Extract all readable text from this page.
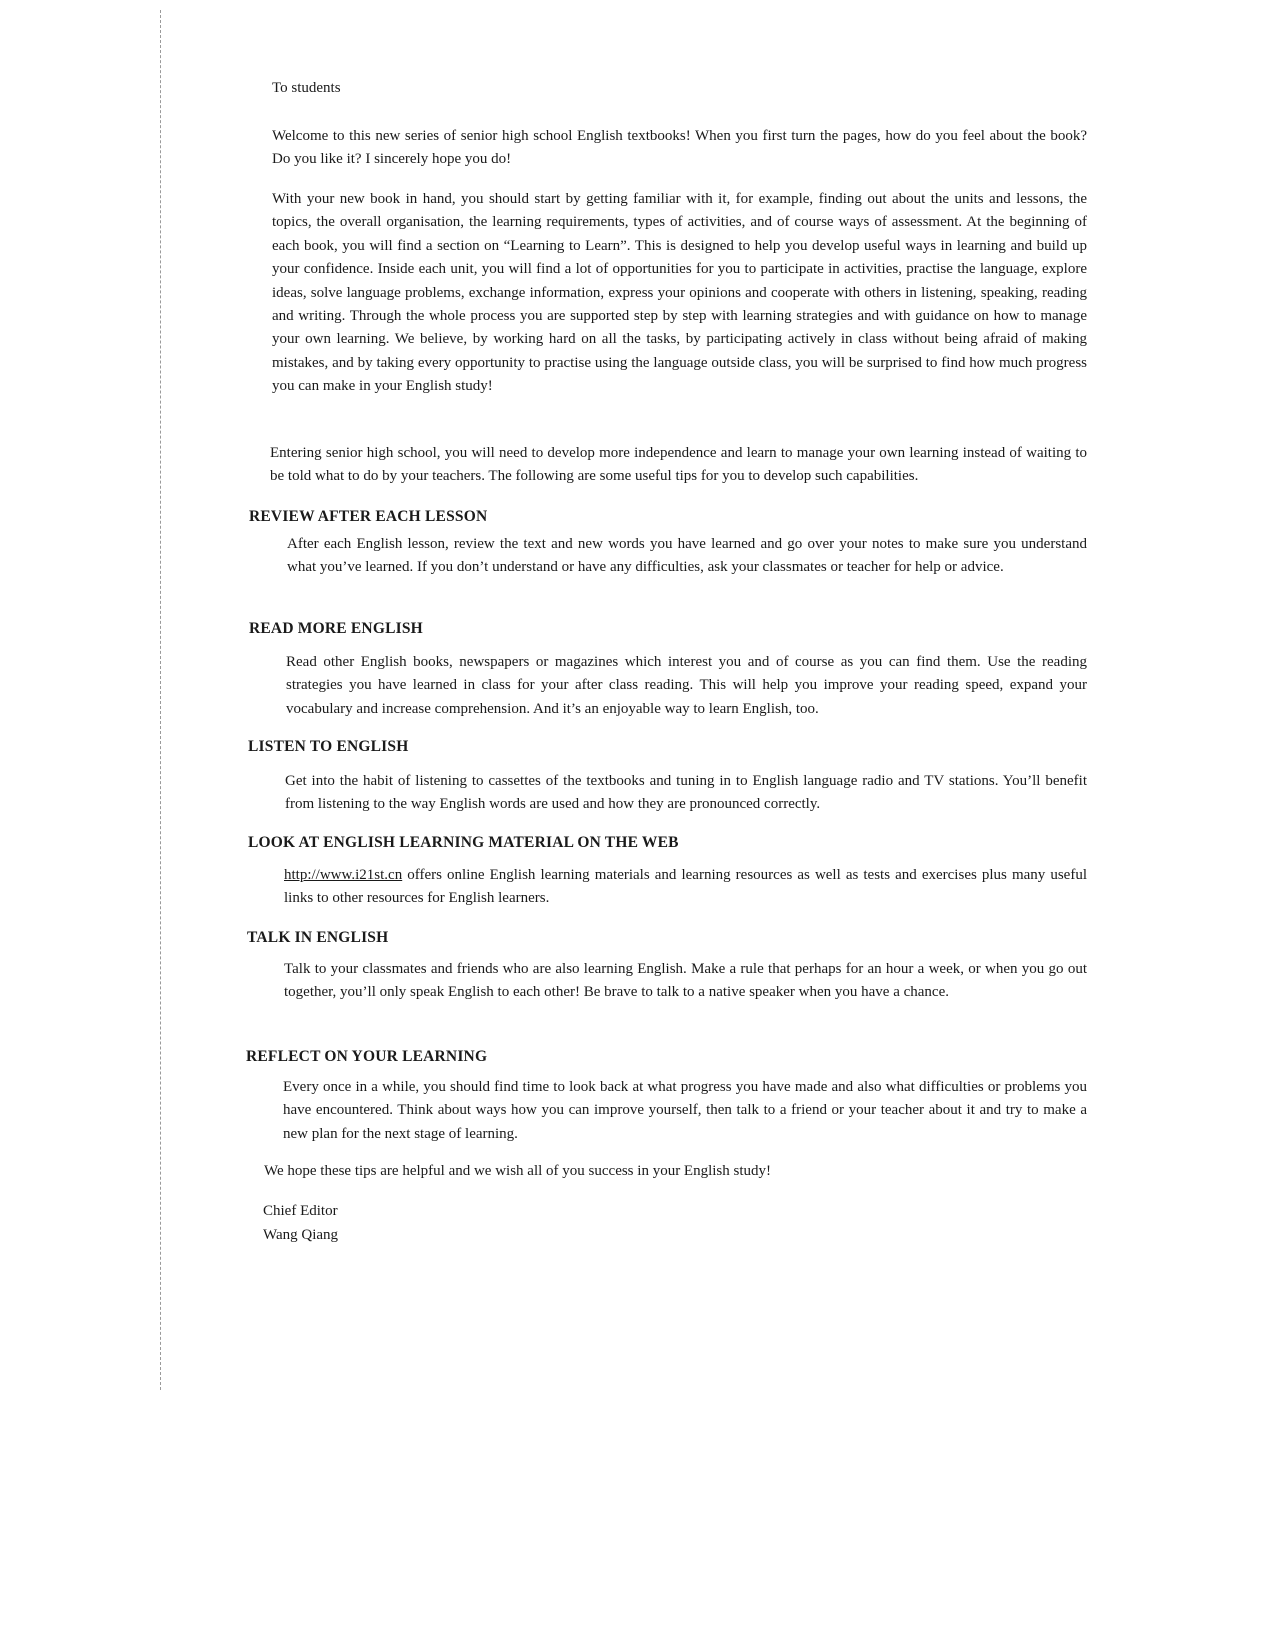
To students
Welcome to this new series of senior high school English textbooks! When you first turn the pages, how do you feel about the book? Do you like it? I sincerely hope you do!
With your new book in hand, you should start by getting familiar with it, for example, finding out about the units and lessons, the topics, the overall organisation, the learning requirements, types of activities, and of course ways of assessment. At the beginning of each book, you will find a section on “Learning to Learn”. This is designed to help you develop useful ways in learning and build up your confidence. Inside each unit, you will find a lot of opportunities for you to participate in activities, practise the language, explore ideas, solve language problems, exchange information, express your opinions and cooperate with others in listening, speaking, reading and writing. Through the whole process you are supported step by step with learning strategies and with guidance on how to manage your own learning. We believe, by working hard on all the tasks, by participating actively in class without being afraid of making mistakes, and by taking every opportunity to practise using the language outside class, you will be surprised to find how much progress you can make in your English study!
Entering senior high school, you will need to develop more independence and learn to manage your own learning instead of waiting to be told what to do by your teachers. The following are some useful tips for you to develop such capabilities.
REVIEW AFTER EACH LESSON
After each English lesson, review the text and new words you have learned and go over your notes to make sure you understand what you’ve learned. If you don’t understand or have any difficulties, ask your classmates or teacher for help or advice.
READ MORE ENGLISH
Read other English books, newspapers or magazines which interest you and of course as you can find them. Use the reading strategies you have learned in class for your after class reading. This will help you improve your reading speed, expand your vocabulary and increase comprehension. And it’s an enjoyable way to learn English, too.
LISTEN TO ENGLISH
Get into the habit of listening to cassettes of the textbooks and tuning in to English language radio and TV stations. You’ll benefit from listening to the way English words are used and how they are pronounced correctly.
LOOK AT ENGLISH LEARNING MATERIAL ON THE WEB
http://www.i21st.cn offers online English learning materials and learning resources as well as tests and exercises plus many useful links to other resources for English learners.
TALK IN ENGLISH
Talk to your classmates and friends who are also learning English. Make a rule that perhaps for an hour a week, or when you go out together, you’ll only speak English to each other! Be brave to talk to a native speaker when you have a chance.
REFLECT ON YOUR LEARNING
Every once in a while, you should find time to look back at what progress you have made and also what difficulties or problems you have encountered. Think about ways how you can improve yourself, then talk to a friend or your teacher about it and try to make a new plan for the next stage of learning.
We hope these tips are helpful and we wish all of you success in your English study!
Chief Editor
Wang Qiang
